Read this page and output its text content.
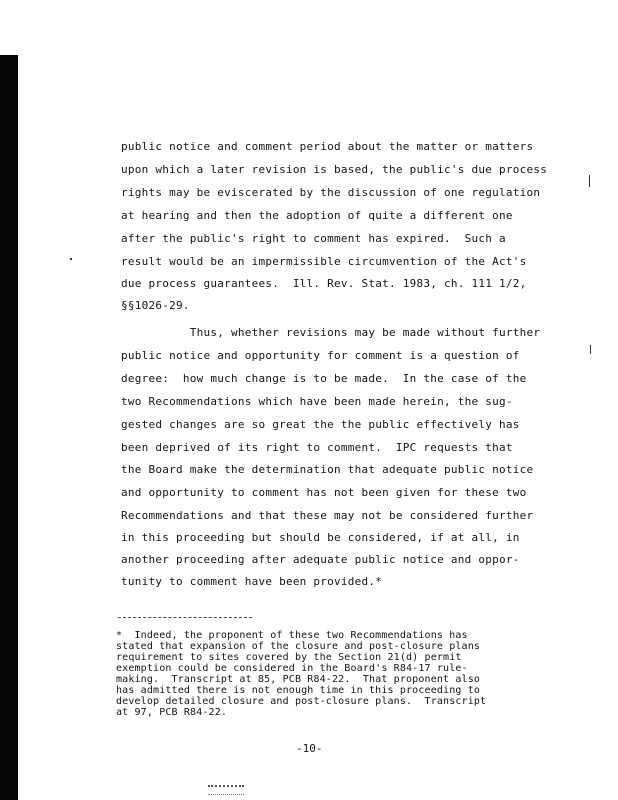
public notice and comment period about the matter or matters
upon which a later revision is based, the public's due process
rights may be eviscerated by the discussion of one regulation
at hearing and then the adoption of quite a different one
after the public's right to comment has expired.  Such a
result would be an impermissible circumvention of the Act's
due process guarantees.  Ill. Rev. Stat. 1983, ch. 111 1/2,
§§1026-29.
Thus, whether revisions may be made without further
public notice and opportunity for comment is a question of
degree:  how much change is to be made.  In the case of the
two Recommendations which have been made herein, the sug-
gested changes are so great the the public effectively has
been deprived of its right to comment.  IPC requests that
the Board make the determination that adequate public notice
and opportunity to comment has not been given for these two
Recommendations and that these may not be considered further
in this proceeding but should be considered, if at all, in
another proceeding after adequate public notice and oppor-
tunity to comment have been provided.*
*  Indeed, the proponent of these two Recommendations has
stated that expansion of the closure and post-closure plans
requirement to sites covered by the Section 21(d) permit
exemption could be considered in the Board's R84-17 rule-
making.  Transcript at 85, PCB R84-22.  That proponent also
has admitted there is not enough time in this proceeding to
develop detailed closure and post-closure plans.  Transcript
at 97, PCB R84-22.
-10-
